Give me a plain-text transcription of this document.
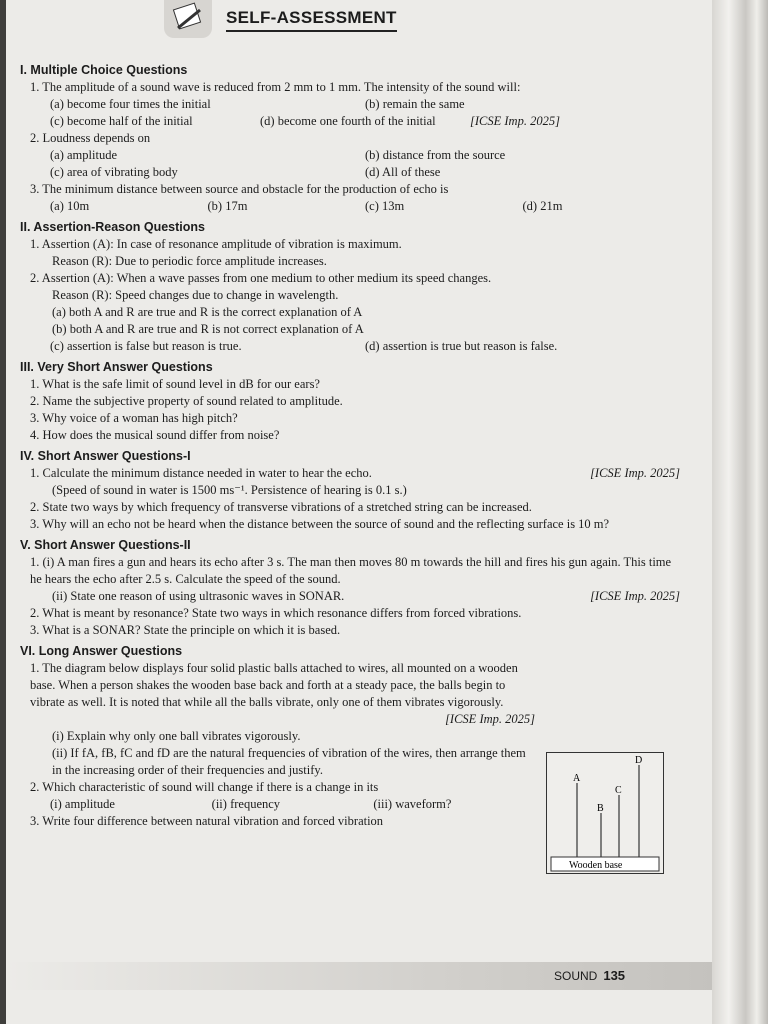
SELF-ASSESSMENT
I. Multiple Choice Questions
1. The amplitude of a sound wave is reduced from 2 mm to 1 mm. The intensity of the sound will:
(a) become four times the initial	(b) remain the same
(c) become half of the initial	(d) become one fourth of the initial	[ICSE Imp. 2025]
2. Loudness depends on
(a) amplitude	(b) distance from the source
(c) area of vibrating body	(d) All of these
3. The minimum distance between source and obstacle for the production of echo is
(a) 10m	(b) 17m	(c) 13m	(d) 21m
II. Assertion-Reason Questions
1. Assertion (A): In case of resonance amplitude of vibration is maximum.
Reason (R): Due to periodic force amplitude increases.
2. Assertion (A): When a wave passes from one medium to other medium its speed changes.
Reason (R): Speed changes due to change in wavelength.
(a) both A and R are true and R is the correct explanation of A
(b) both A and R are true and R is not correct explanation of A
(c) assertion is false but reason is true.	(d) assertion is true but reason is false.
III. Very Short Answer Questions
1. What is the safe limit of sound level in dB for our ears?
2. Name the subjective property of sound related to amplitude.
3. Why voice of a woman has high pitch?
4. How does the musical sound differ from noise?
IV. Short Answer Questions-I
[ICSE Imp. 2025]
1. Calculate the minimum distance needed in water to hear the echo.
(Speed of sound in water is 1500 ms⁻¹. Persistence of hearing is 0.1 s.)
2. State two ways by which frequency of transverse vibrations of a stretched string can be increased.
3. Why will an echo not be heard when the distance between the source of sound and the reflecting surface is 10 m?
V. Short Answer Questions-II
1. (i) A man fires a gun and hears its echo after 3 s. The man then moves 80 m towards the hill and fires his gun again. This time he hears the echo after 2.5 s. Calculate the speed of the sound.
[ICSE Imp. 2025]
(ii) State one reason of using ultrasonic waves in SONAR.
2. What is meant by resonance? State two ways in which resonance differs from forced vibrations.
3. What is a SONAR? State the principle on which it is based.
VI. Long Answer Questions
1. The diagram below displays four solid plastic balls attached to wires, all mounted on a wooden base. When a person shakes the wooden base back and forth at a steady pace, the balls begin to vibrate as well. It is noted that while all the balls vibrate, only one of them vibrates vigorously.
[ICSE Imp. 2025]
(i) Explain why only one ball vibrates vigorously.
(ii) If fA, fB, fC and fD are the natural frequencies of vibration of the wires, then arrange them in the increasing order of their frequencies and justify.
2. Which characteristic of sound will change if there is a change in its
(i) amplitude	(ii) frequency	(iii) waveform?
3. Write four difference between natural vibration and forced vibration
A
B
C
D
Wooden base
SOUND 135
